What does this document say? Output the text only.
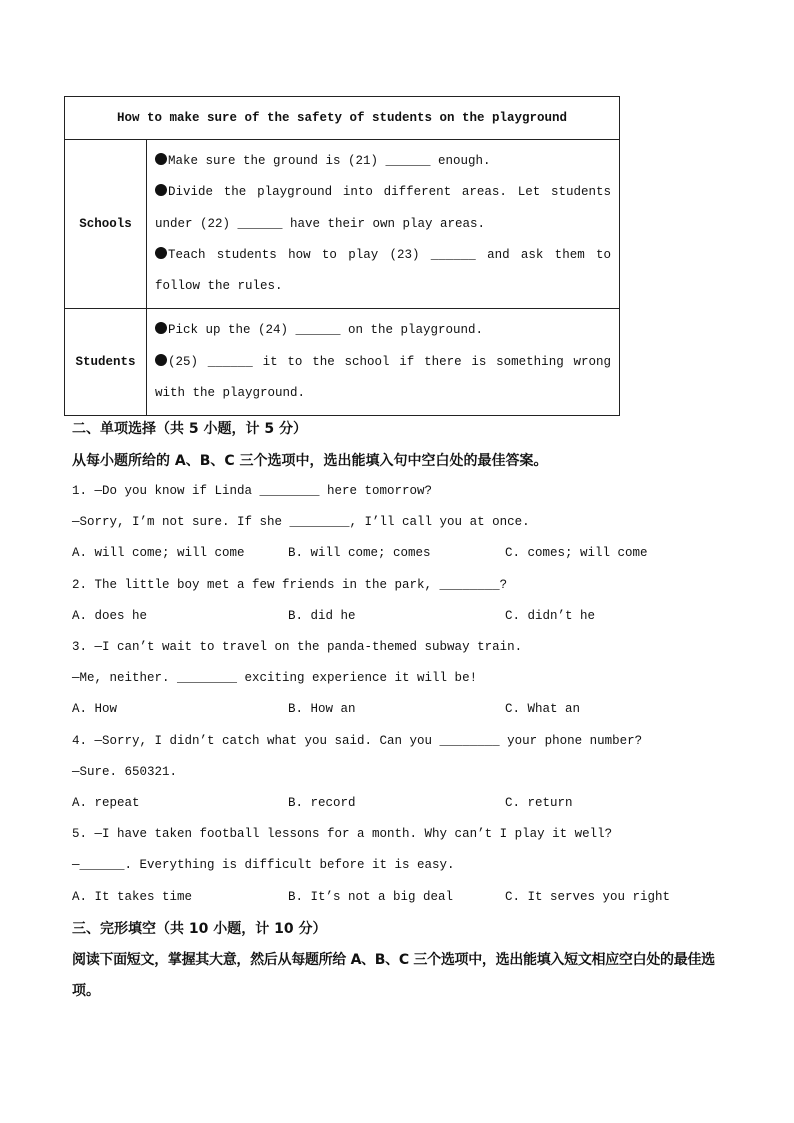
How to make sure of the safety of students on the playground	
Schools	Make sure the ground is (21) ______ enough.
Divide the playground into different areas. Let students under (22) ______ have their own play areas.
Teach students how to play (23) ______ and ask them to follow the rules.

Students	Pick up the (24) ______ on the playground.
(25) ______ it to the school if there is something wrong with the playground.
二、单项选择（共 5 小题，计 5 分）
从每小题所给的 A、B、C 三个选项中，选出能填入句中空白处的最佳答案。
1. —Do you know if Linda ________ here tomorrow?
—Sorry, I’m not sure. If she ________, I’ll call you at once.
A. will come; will come	B. will come; comes	C. comes; will come
2. The little boy met a few friends in the park, ________?
A. does he	B. did he	C. didn’t he
3. —I can’t wait to travel on the panda-themed subway train.
—Me, neither. ________ exciting experience it will be!
A. How	B. How an	C. What an
4. —Sorry, I didn’t catch what you said. Can you ________ your phone number?
—Sure. 650321.
A. repeat	B. record	C. return
5. —I have taken football lessons for a month. Why can’t I play it well?
—______. Everything is difficult before it is easy.
A. It takes time	B. It’s not a big deal	C. It serves you right
三、完形填空（共 10 小题，计 10 分）
阅读下面短文，掌握其大意，然后从每题所给 A、B、C 三个选项中，选出能填入短文相应空白处的最佳选
项。
